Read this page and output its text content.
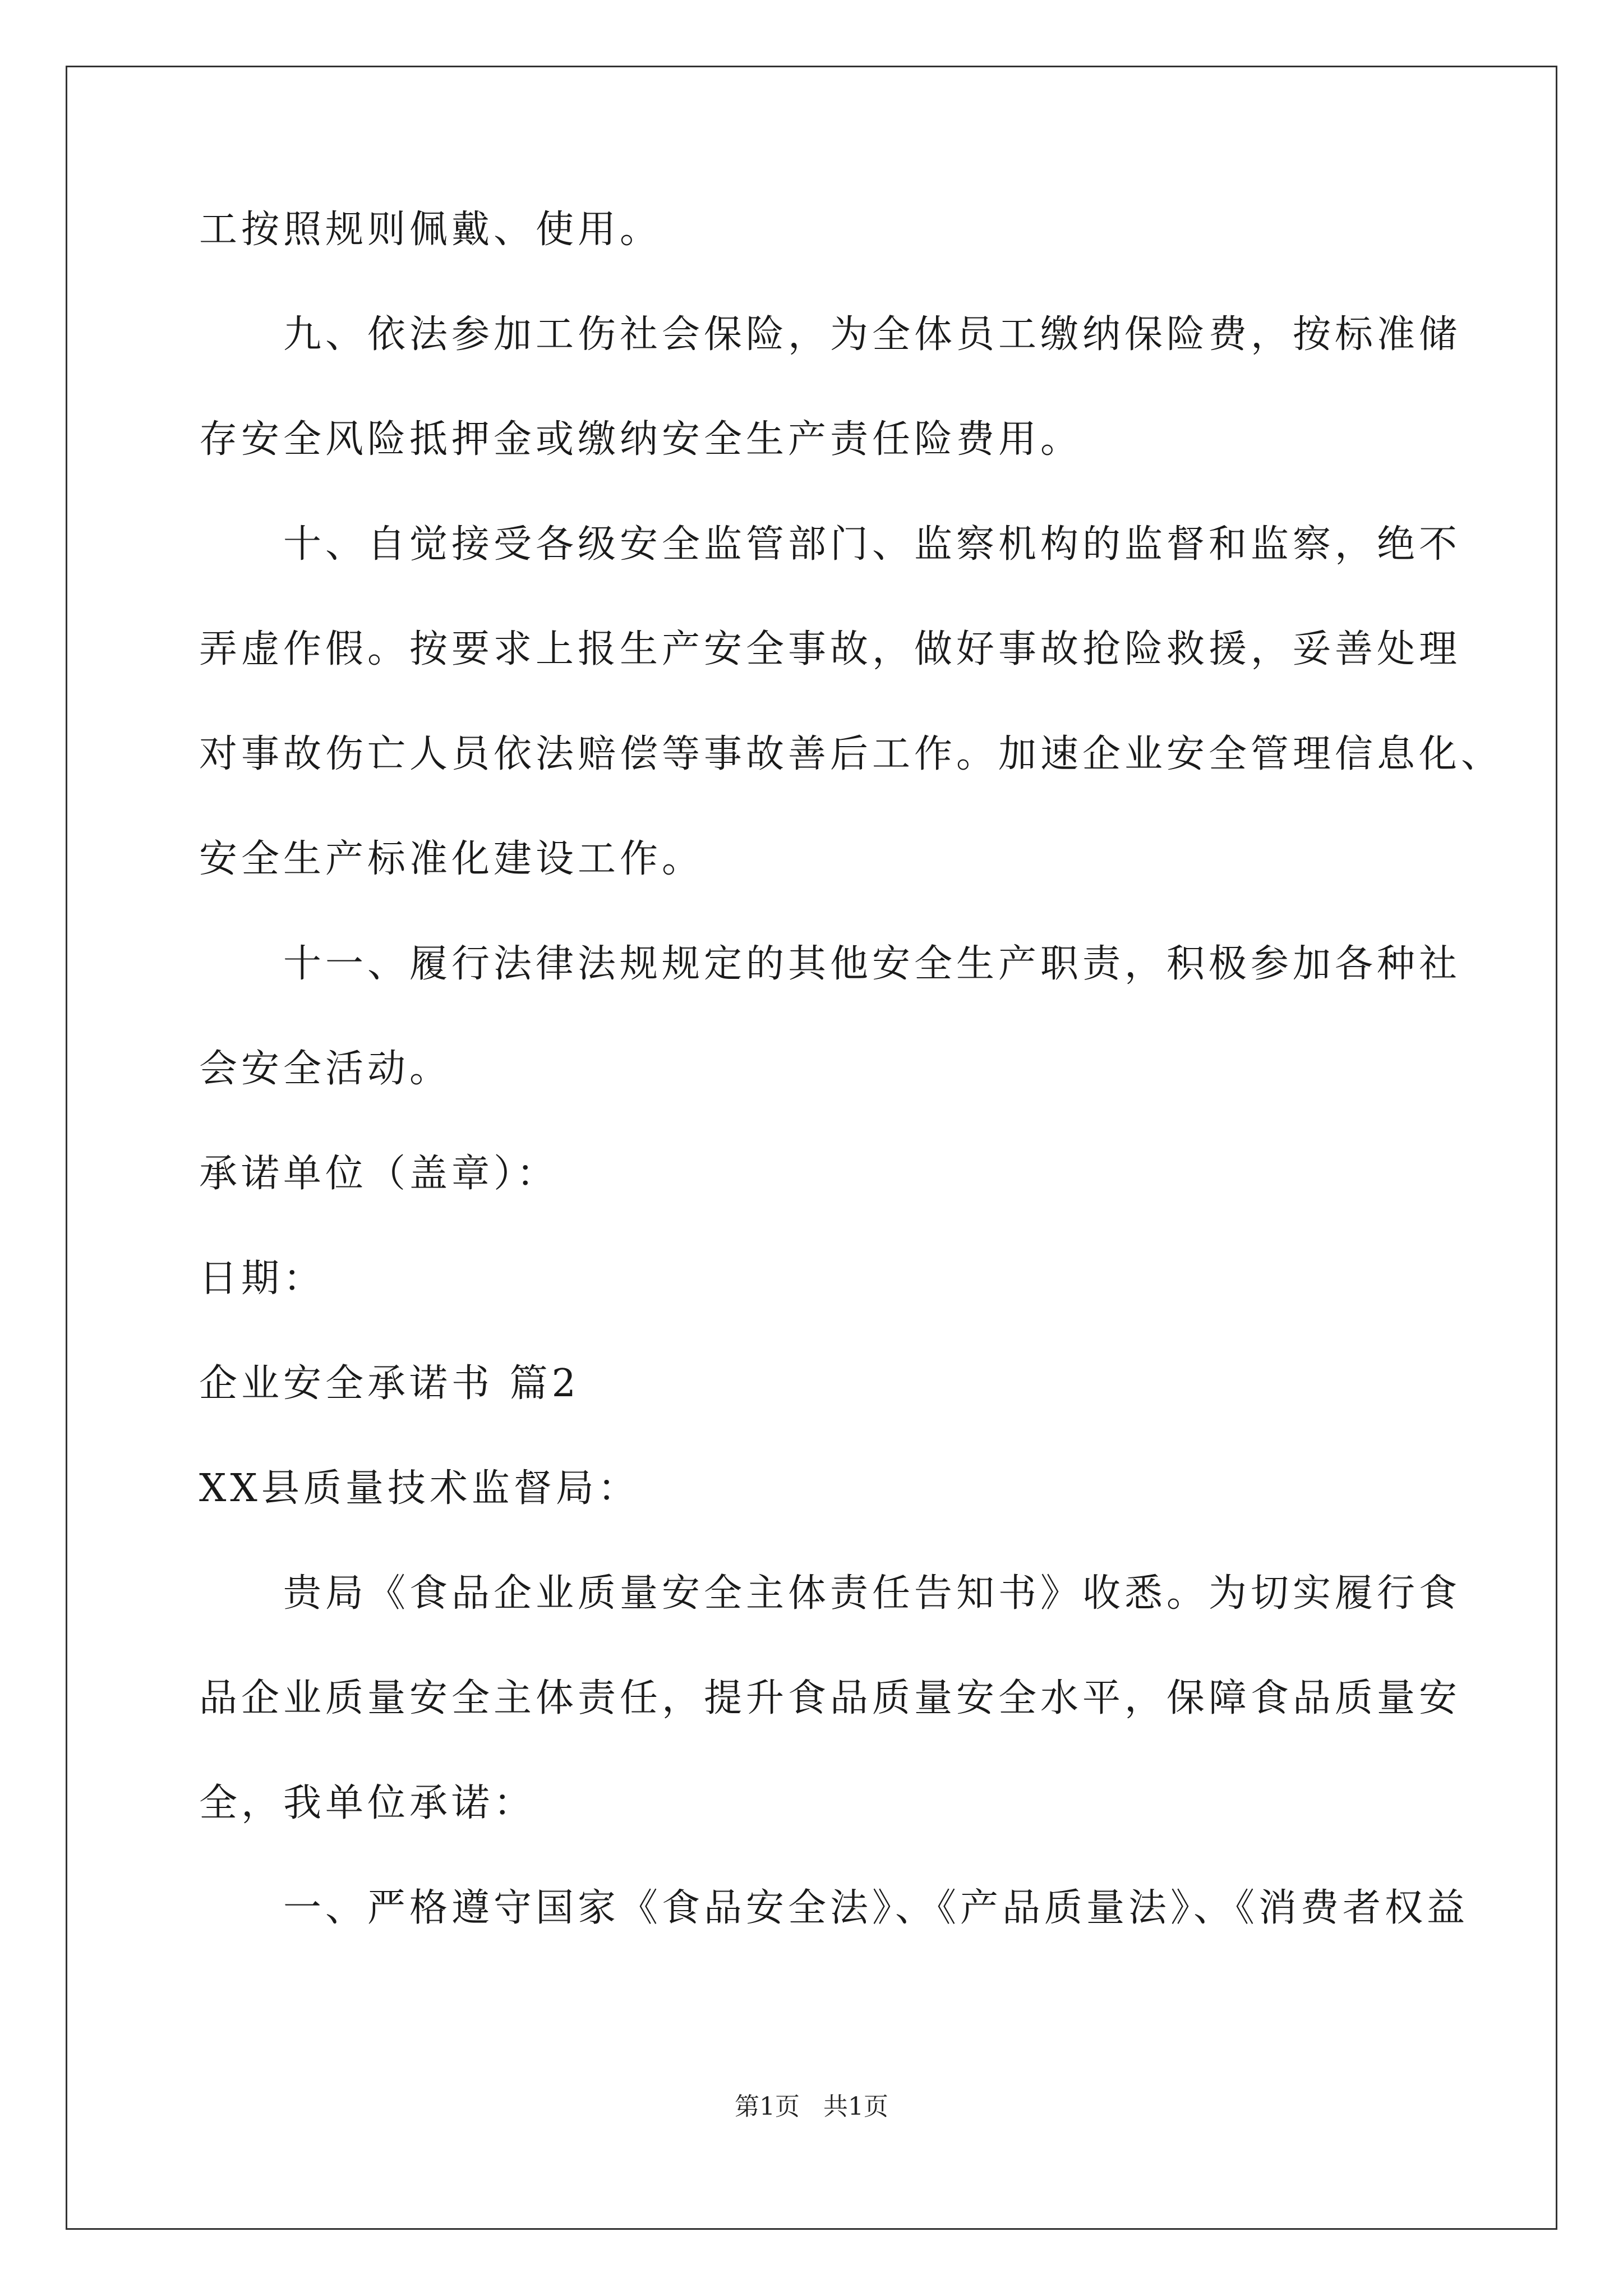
工按照规则佩戴、使用。
　　九、依法参加工伤社会保险，为全体员工缴纳保险费，按标准储
存安全风险抵押金或缴纳安全生产责任险费用。
　　十、自觉接受各级安全监管部门、监察机构的监督和监察，绝不
弄虚作假。按要求上报生产安全事故，做好事故抢险救援，妥善处理
对事故伤亡人员依法赔偿等事故善后工作。加速企业安全管理信息化、
安全生产标准化建设工作。
　　十一、履行法律法规规定的其他安全生产职责，积极参加各种社
会安全活动。
承诺单位（盖章）：
日期：
企业安全承诺书 篇2
XX县质量技术监督局：
　　贵局《食品企业质量安全主体责任告知书》收悉。为切实履行食
品企业质量安全主体责任，提升食品质量安全水平，保障食品质量安
全，我单位承诺：
　　一、严格遵守国家《食品安全法》、《产品质量法》、《消费者权益
第1页 共1页
